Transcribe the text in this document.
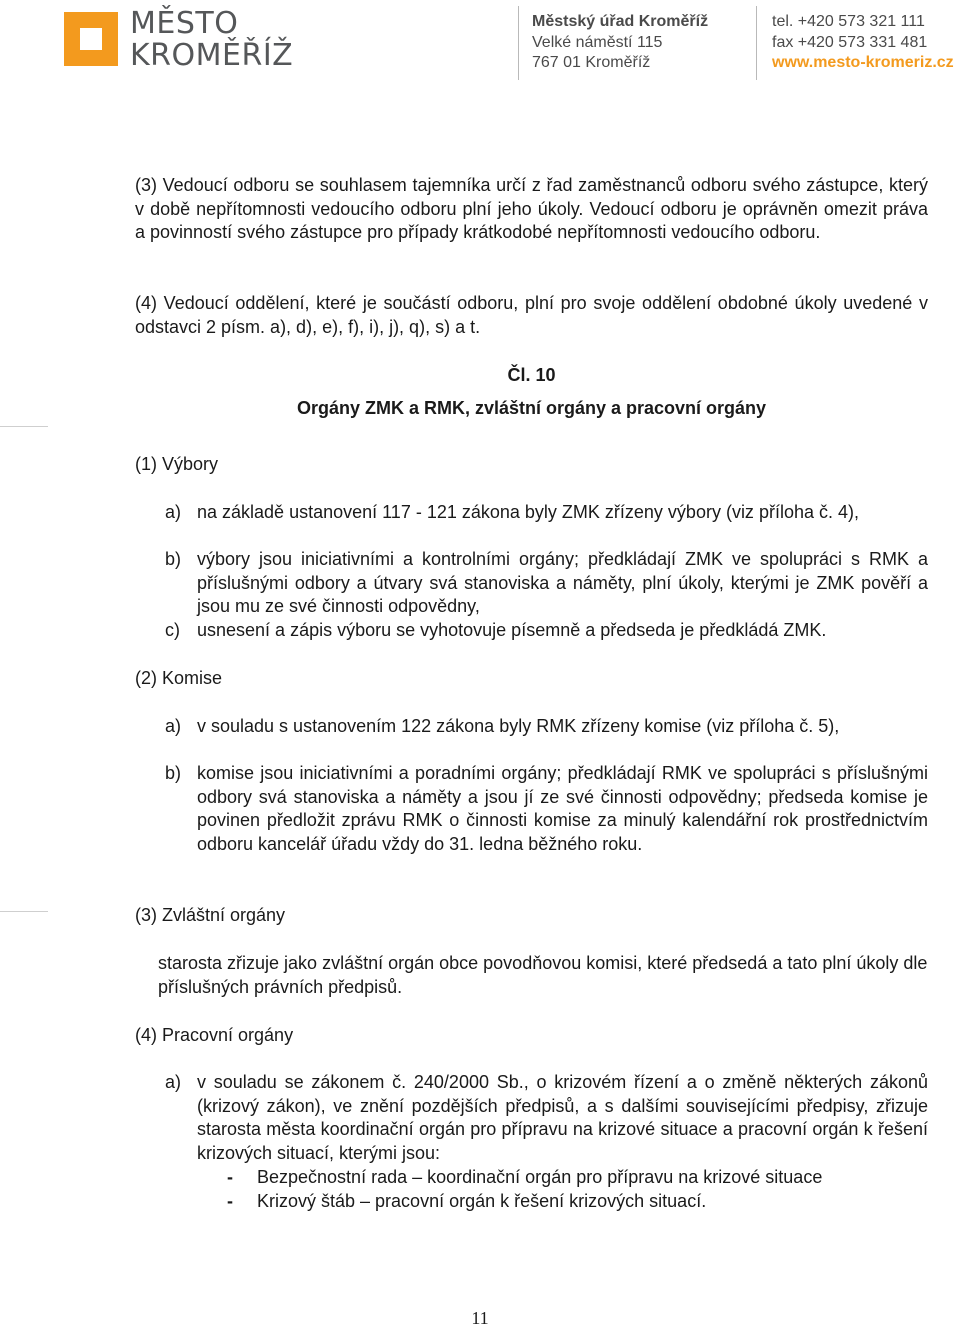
MĚSTO
KROMĚŘÍŽ
Městský úřad Kroměříž
Velké náměstí 115
767 01 Kroměříž
tel. +420 573 321 111
fax +420 573 331 481
www.mesto-kromeriz.cz
(3) Vedoucí odboru se souhlasem tajemníka určí z řad zaměstnanců odboru svého zástupce, který v době nepřítomnosti vedoucího odboru plní jeho úkoly. Vedoucí odboru je oprávněn omezit práva a povinností svého zástupce pro případy krátkodobé nepřítomnosti vedoucího odboru.
(4) Vedoucí oddělení, které je součástí odboru, plní pro svoje oddělení obdobné úkoly uvedené v odstavci 2 písm. a), d), e), f), i), j), q), s) a t.
Čl. 10
Orgány ZMK a RMK, zvláštní orgány a pracovní orgány
(1) Výbory
a) na základě ustanovení 117 - 121 zákona byly ZMK zřízeny výbory (viz příloha č. 4),
b) výbory jsou iniciativními a kontrolními orgány; předkládají ZMK ve spolupráci s RMK a příslušnými odbory a útvary svá stanoviska a náměty, plní úkoly, kterými je ZMK pověří a jsou mu ze své činnosti odpovědny,
c) usnesení a zápis výboru se vyhotovuje písemně a předseda je předkládá ZMK.
(2) Komise
a) v souladu s ustanovením 122 zákona byly RMK zřízeny komise (viz příloha č. 5),
b) komise jsou iniciativními a poradními orgány; předkládají RMK ve spolupráci s příslušnými odbory svá stanoviska a náměty a jsou jí ze své činnosti odpovědny; předseda komise je povinen předložit zprávu RMK o činnosti komise za minulý kalendářní rok prostřednictvím odboru kancelář úřadu vždy do 31. ledna běžného roku.
(3) Zvláštní orgány
starosta zřizuje jako zvláštní orgán obce povodňovou komisi, které předsedá a tato plní úkoly dle příslušných právních předpisů.
(4) Pracovní orgány
a) v souladu se zákonem č. 240/2000 Sb., o krizovém řízení a o změně některých zákonů (krizový zákon), ve znění pozdějších předpisů, a s dalšími souvisejícími předpisy, zřizuje starosta města koordinační orgán pro přípravu na krizové situace a pracovní orgán k řešení krizových situací, kterými jsou:
- Bezpečnostní rada – koordinační orgán pro přípravu na krizové situace
- Krizový štáb – pracovní orgán k řešení krizových situací.
11
